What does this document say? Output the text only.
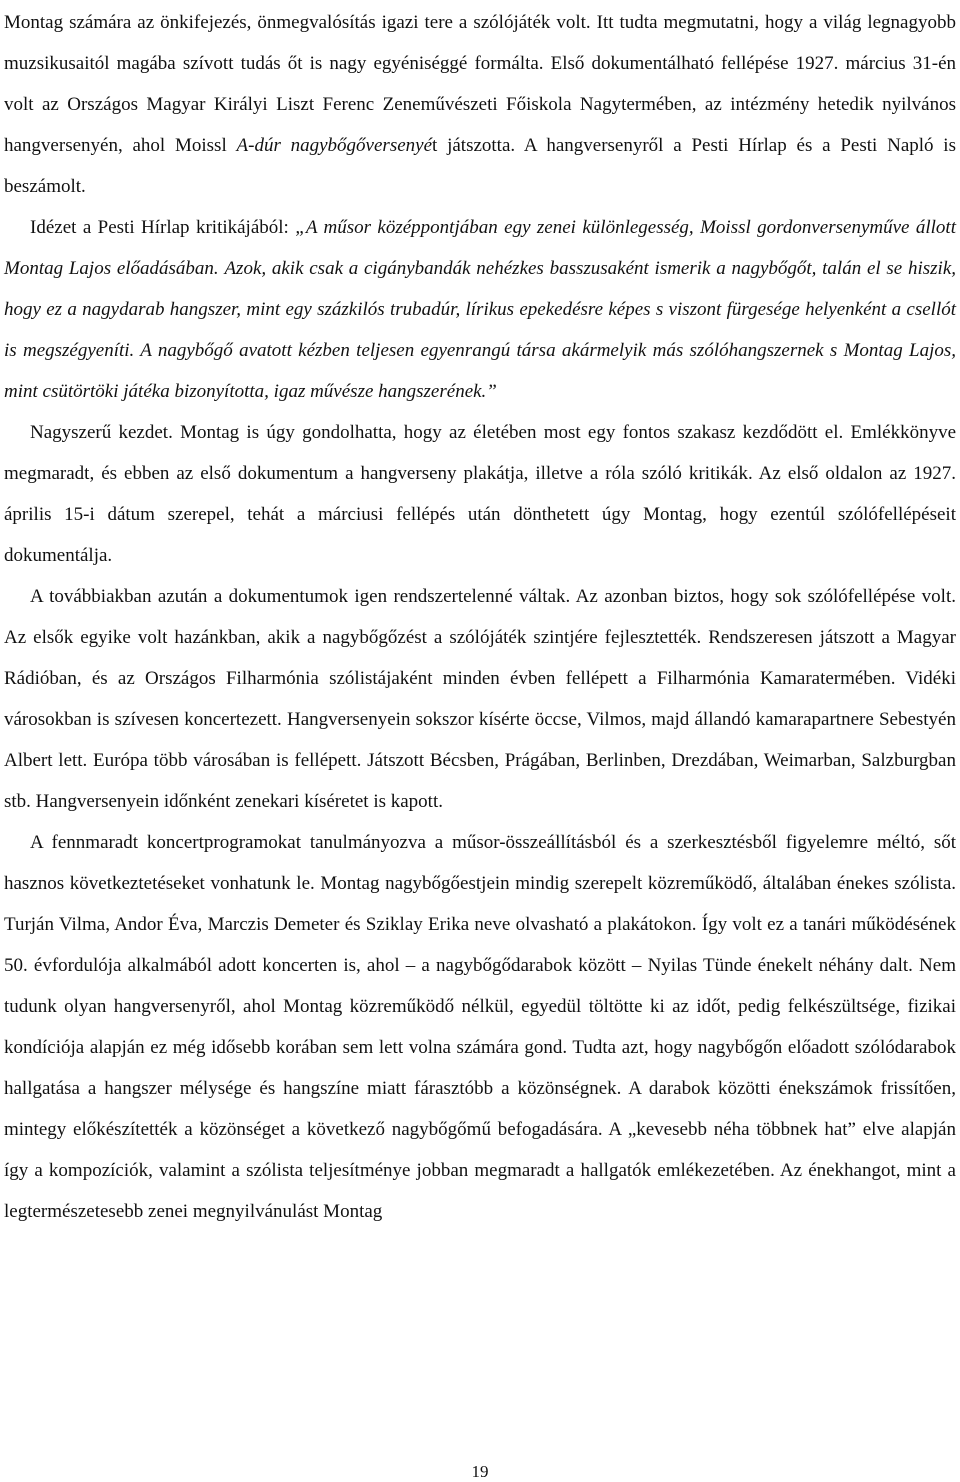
Montag számára az önkifejezés, önmegvalósítás igazi tere a szólójáték volt. Itt tudta megmutatni, hogy a világ legnagyobb muzsikusaitól magába szívott tudás őt is nagy egyéniséggé formálta. Első dokumentálható fellépése 1927. március 31-én volt az Országos Magyar Királyi Liszt Ferenc Zeneművészeti Főiskola Nagytermében, az intézmény hetedik nyilvános hangversenyén, ahol Moissl A-dúr nagybőgőversenyét játszotta. A hangversenyről a Pesti Hírlap és a Pesti Napló is beszámolt.

Idézet a Pesti Hírlap kritikájából: „A műsor középpontjában egy zenei különlegesség, Moissl gordonversenyműve állott Montag Lajos előadásában. Azok, akik csak a cigánybandák nehézkes basszusaként ismerik a nagybőgőt, talán el se hiszik, hogy ez a nagydarab hangszer, mint egy százkilós trubadúr, lírikus epekedésre képes s viszont fürgesége helyenként a csellót is megszégyeníti. A nagybőgő avatott kézben teljesen egyenrangú társa akármelyik más szólóhangszernek s Montag Lajos, mint csütörtöki játéka bizonyította, igaz művésze hangszerének.”

Nagyszerű kezdet. Montag is úgy gondolhatta, hogy az életében most egy fontos szakasz kezdődött el. Emlékkönyve megmaradt, és ebben az első dokumentum a hangverseny plakátja, illetve a róla szóló kritikák. Az első oldalon az 1927. április 15-i dátum szerepel, tehát a márciusi fellépés után dönthetett úgy Montag, hogy ezentúl szólófellépéseit dokumentálja.

A továbbiakban azután a dokumentumok igen rendszertelenné váltak. Az azonban biztos, hogy sok szólófellépése volt. Az elsők egyike volt hazánkban, akik a nagybőgőzést a szólójáték szintjére fejlesztették. Rendszeresen játszott a Magyar Rádióban, és az Országos Filharmónia szólistájaként minden évben fellépett a Filharmónia Kamaratermében. Vidéki városokban is szívesen koncertezett. Hangversenyein sokszor kísérte öccse, Vilmos, majd állandó kamarapartnere Sebestyén Albert lett. Európa több városában is fellépett. Játszott Bécsben, Prágában, Berlinben, Drezdában, Weimarban, Salzburgban stb. Hangversenyein időnként zenekari kíséretet is kapott.

A fennmaradt koncertprogramokat tanulmányozva a műsor-összeállításból és a szerkesztésből figyelemre méltó, sőt hasznos következtetéseket vonhatunk le. Montag nagybőgőestjein mindig szerepelt közreműködő, általában énekes szólista. Turján Vilma, Andor Éva, Marczis Demeter és Sziklay Erika neve olvasható a plakátokon. Így volt ez a tanári működésének 50. évfordulója alkalmából adott koncerten is, ahol – a nagybőgődarabok között – Nyilas Tünde énekelt néhány dalt. Nem tudunk olyan hangversenyről, ahol Montag közreműködő nélkül, egyedül töltötte ki az időt, pedig felkészültsége, fizikai kondíciója alapján ez még idősebb korában sem lett volna számára gond. Tudta azt, hogy nagybőgőn előadott szólódarabok hallgatása a hangszer mélysége és hangszíne miatt fárasztóbb a közönségnek. A darabok közötti énekszámok frissítően, mintegy előkészítették a közönséget a következő nagybőgőmű befogadására. A „kevesebb néha többnek hat” elve alapján így a kompozíciók, valamint a szólista teljesítménye jobban megmaradt a hallgatók emlékezetében. Az énekhangot, mint a legtermészetesebb zenei megnyilvánulást Montag

19
